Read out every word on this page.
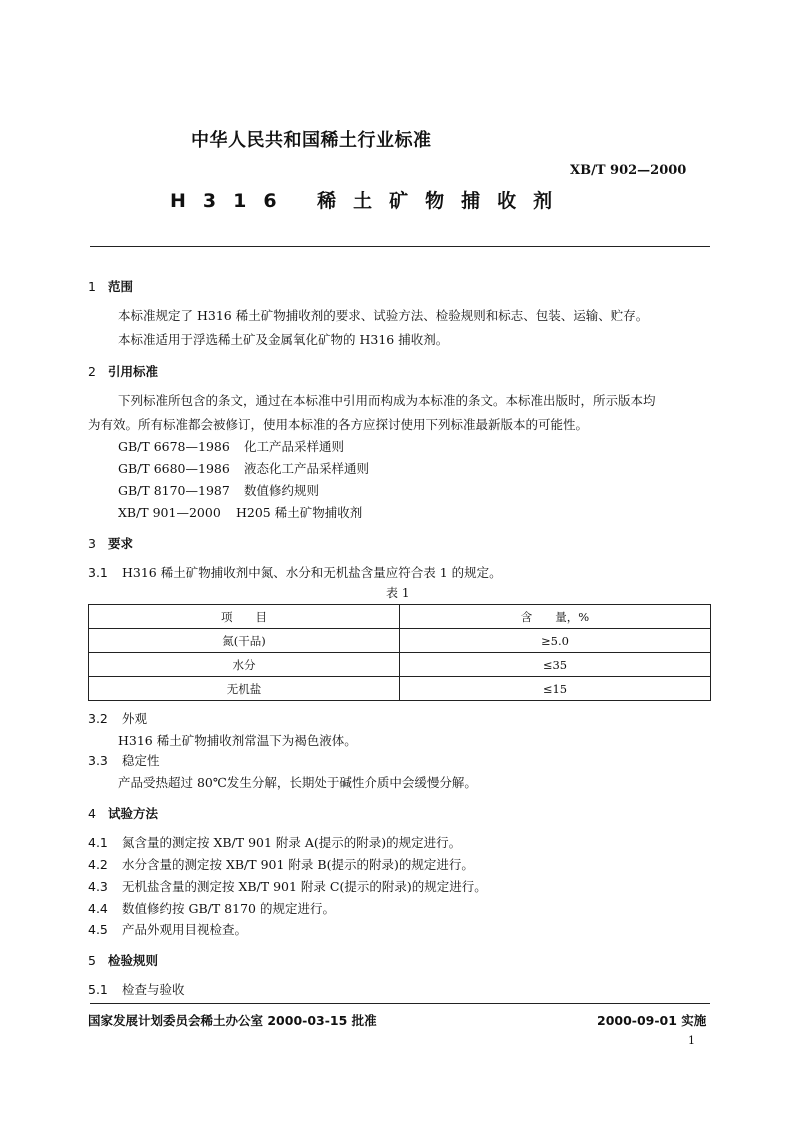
中华人民共和国稀土行业标准
XB/T 902—2000
H316 稀土矿物捕收剂
1 范围
本标准规定了 H316 稀土矿物捕收剂的要求、试验方法、检验规则和标志、包装、运输、贮存。
本标准适用于浮选稀土矿及金属氧化矿物的 H316 捕收剂。
2 引用标准
下列标准所包含的条文，通过在本标准中引用而构成为本标准的条文。本标准出版时，所示版本均
为有效。所有标准都会被修订，使用本标准的各方应探讨使用下列标准最新版本的可能性。
GB/T 6678—1986 化工产品采样通则
GB/T 6680—1986 液态化工产品采样通则
GB/T 8170—1987 数值修约规则
XB/T 901—2000 H205 稀土矿物捕收剂
3 要求
3.1 H316 稀土矿物捕收剂中氮、水分和无机盐含量应符合表 1 的规定。
表 1
项　　目	含　　量，%
氮(干品)	≥5.0
水分	≤35
无机盐	≤15
3.2 外观
H316 稀土矿物捕收剂常温下为褐色液体。
3.3 稳定性
产品受热超过 80℃发生分解，长期处于碱性介质中会缓慢分解。
4 试验方法
4.1 氮含量的测定按 XB/T 901 附录 A(提示的附录)的规定进行。
4.2 水分含量的测定按 XB/T 901 附录 B(提示的附录)的规定进行。
4.3 无机盐含量的测定按 XB/T 901 附录 C(提示的附录)的规定进行。
4.4 数值修约按 GB/T 8170 的规定进行。
4.5 产品外观用目视检查。
5 检验规则
5.1 检查与验收
国家发展计划委员会稀土办公室 2000-03-15 批准	2000-09-01 实施
1
